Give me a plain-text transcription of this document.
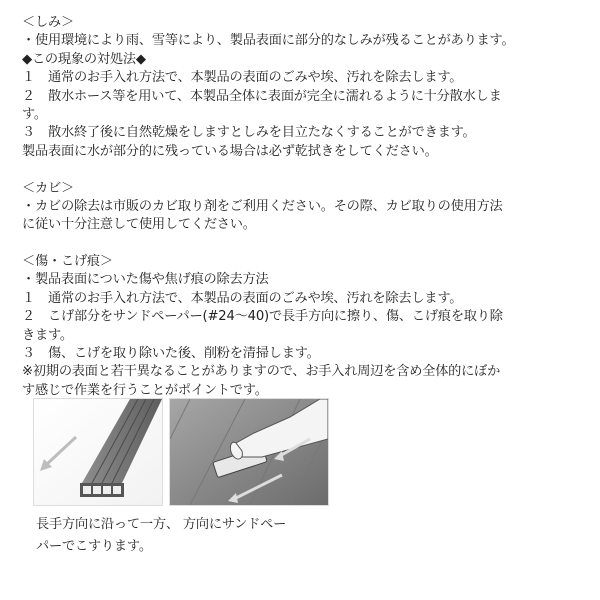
＜しみ＞
・使用環境により雨、雪等により、製品表面に部分的なしみが残ることがあります。
◆この現象の対処法◆
１　通常のお手入れ方法で、本製品の表面のごみや埃、汚れを除去します。
２　散水ホース等を用いて、本製品全体に表面が完全に濡れるように十分散水しま
す。
３　散水終了後に自然乾燥をしますとしみを目立たなくすることができます。
製品表面に水が部分的に残っている場合は必ず乾拭きをしてください。
＜カビ＞
・カビの除去は市販のカビ取り剤をご利用ください。その際、カビ取りの使用方法
に従い十分注意して使用してください。
＜傷・こげ痕＞
・製品表面についた傷や焦げ痕の除去方法
１　通常のお手入れ方法で、本製品の表面のごみや埃、汚れを除去します。
２　こげ部分をサンドペーパー(#24～40)で長手方向に擦り、傷、こげ痕を取り除
きます。
３　傷、こげを取り除いた後、削粉を清掃します。
※初期の表面と若干異なることがありますので、お手入れ周辺を含め全体的にぼか
す感じで作業を行うことがポイントです。
長手方向に沿って一方、 方向にサンドペー
パーでこすります。
